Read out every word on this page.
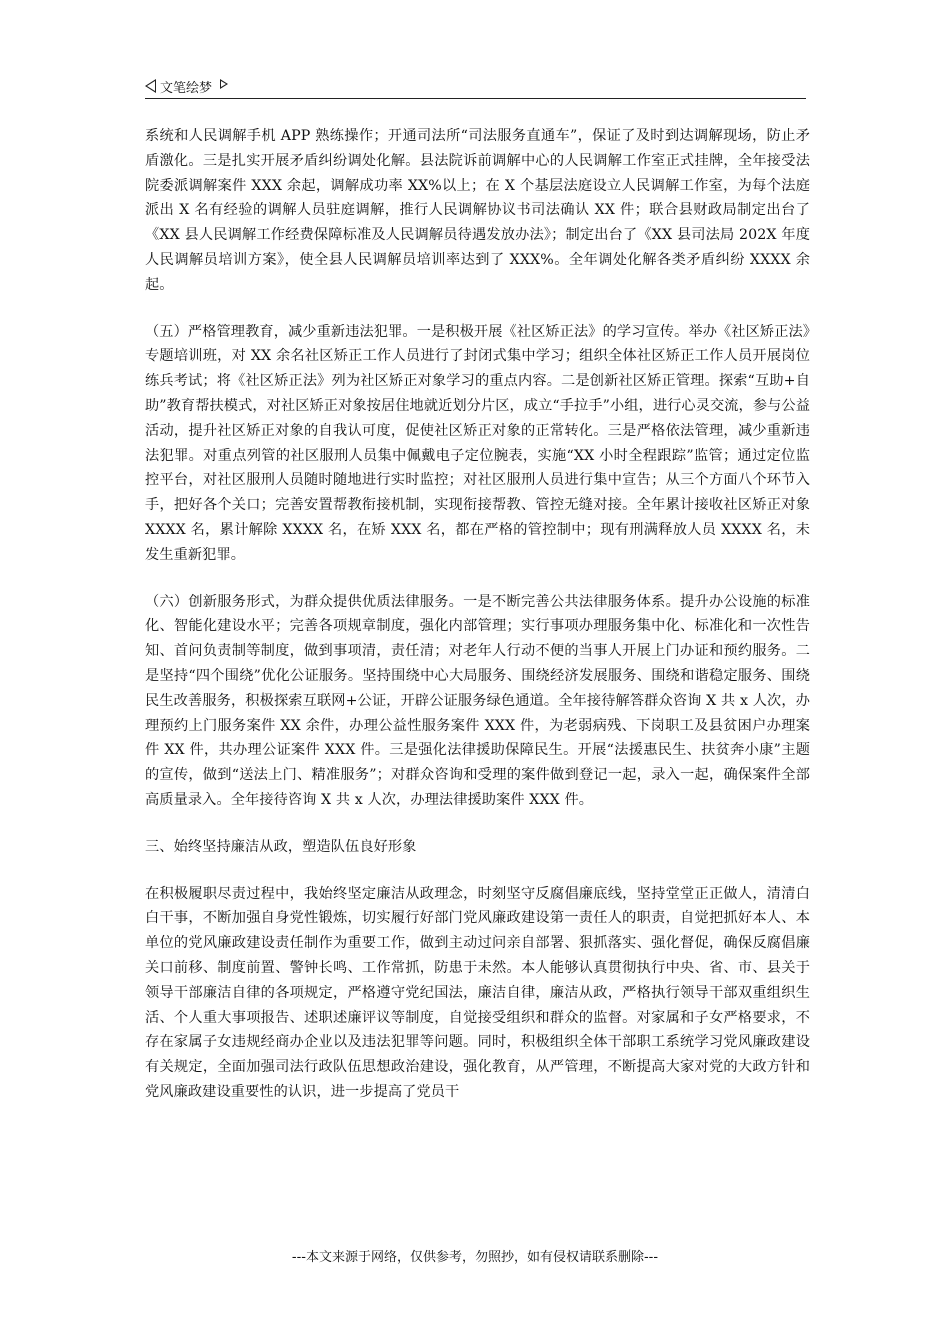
文笔绘梦

系统和人民调解手机 APP 熟练操作；开通司法所“司法服务直通车”，保证了及时到达调解现场，防止矛盾激化。三是扎实开展矛盾纠纷调处化解。县法院诉前调解中心的人民调解工作室正式挂牌，全年接受法院委派调解案件 XXX 余起，调解成功率 XX%以上；在 X 个基层法庭设立人民调解工作室，为每个法庭派出 X 名有经验的调解人员驻庭调解，推行人民调解协议书司法确认 XX 件；联合县财政局制定出台了《XX 县人民调解工作经费保障标准及人民调解员待遇发放办法》；制定出台了《XX 县司法局 202X 年度人民调解员培训方案》，使全县人民调解员培训率达到了 XXX%。全年调处化解各类矛盾纠纷 XXXX 余起。

（五）严格管理教育，减少重新违法犯罪。一是积极开展《社区矫正法》的学习宣传。举办《社区矫正法》专题培训班，对 XX 余名社区矫正工作人员进行了封闭式集中学习；组织全体社区矫正工作人员开展岗位练兵考试；将《社区矫正法》列为社区矫正对象学习的重点内容。二是创新社区矫正管理。探索“互助+自助”教育帮扶模式，对社区矫正对象按居住地就近划分片区，成立“手拉手”小组，进行心灵交流，参与公益活动，提升社区矫正对象的自我认可度，促使社区矫正对象的正常转化。三是严格依法管理，减少重新违法犯罪。对重点列管的社区服刑人员集中佩戴电子定位腕表，实施“XX 小时全程跟踪”监管；通过定位监控平台，对社区服刑人员随时随地进行实时监控；对社区服刑人员进行集中宣告；从三个方面八个环节入手，把好各个关口；完善安置帮教衔接机制，实现衔接帮教、管控无缝对接。全年累计接收社区矫正对象 XXXX 名，累计解除 XXXX 名，在矫 XXX 名，都在严格的管控制中；现有刑满释放人员 XXXX 名，未发生重新犯罪。

（六）创新服务形式，为群众提供优质法律服务。一是不断完善公共法律服务体系。提升办公设施的标准化、智能化建设水平；完善各项规章制度，强化内部管理；实行事项办理服务集中化、标准化和一次性告知、首问负责制等制度，做到事项清，责任清；对老年人行动不便的当事人开展上门办证和预约服务。二是坚持“四个围绕”优化公证服务。坚持围绕中心大局服务、围绕经济发展服务、围绕和谐稳定服务、围绕民生改善服务，积极探索互联网+公证，开辟公证服务绿色通道。全年接待解答群众咨询 X 共 x 人次，办理预约上门服务案件 XX 余件，办理公益性服务案件 XXX 件，为老弱病残、下岗职工及县贫困户办理案件 XX 件，共办理公证案件 XXX 件。三是强化法律援助保障民生。开展“法援惠民生、扶贫奔小康”主题的宣传，做到“送法上门、精准服务”；对群众咨询和受理的案件做到登记一起，录入一起，确保案件全部高质量录入。全年接待咨询 X 共 x 人次，办理法律援助案件 XXX 件。

三、始终坚持廉洁从政，塑造队伍良好形象

在积极履职尽责过程中，我始终坚定廉洁从政理念，时刻坚守反腐倡廉底线，坚持堂堂正正做人，清清白白干事，不断加强自身党性锻炼，切实履行好部门党风廉政建设第一责任人的职责，自觉把抓好本人、本单位的党风廉政建设责任制作为重要工作，做到主动过问亲自部署、狠抓落实、强化督促，确保反腐倡廉关口前移、制度前置、警钟长鸣、工作常抓，防患于未然。本人能够认真贯彻执行中央、省、市、县关于领导干部廉洁自律的各项规定，严格遵守党纪国法，廉洁自律，廉洁从政，严格执行领导干部双重组织生活、个人重大事项报告、述职述廉评议等制度，自觉接受组织和群众的监督。对家属和子女严格要求，不存在家属子女违规经商办企业以及违法犯罪等问题。同时，积极组织全体干部职工系统学习党风廉政建设有关规定，全面加强司法行政队伍思想政治建设，强化教育，从严管理，不断提高大家对党的大政方针和党风廉政建设重要性的认识，进一步提高了党员干

---本文来源于网络，仅供参考，勿照抄，如有侵权请联系删除---
